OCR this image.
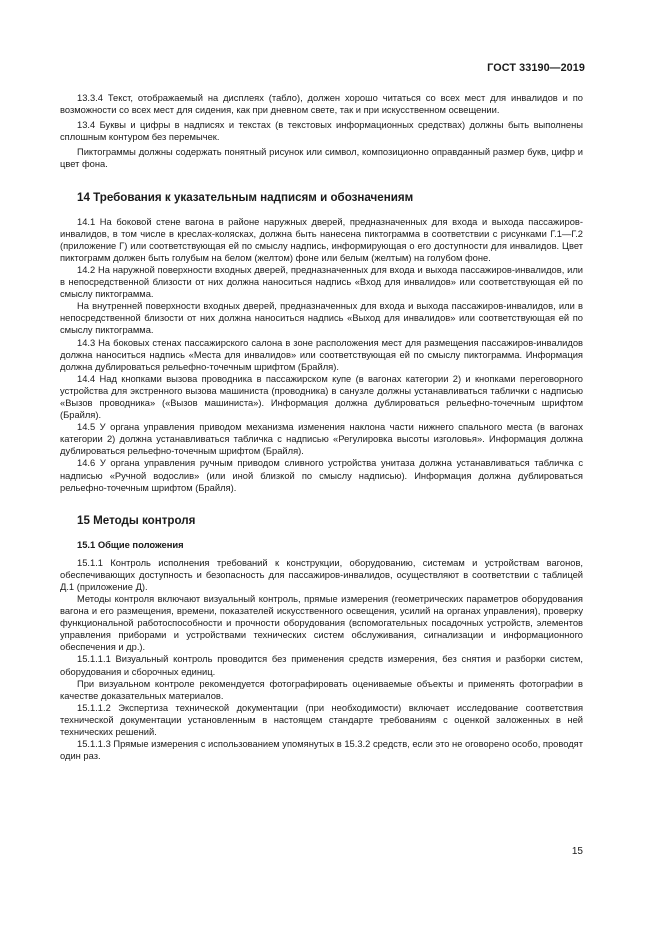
ГОСТ 33190—2019

13.3.4 Текст, отображаемый на дисплеях (табло), должен хорошо читаться со всех мест для инвалидов и по возможности со всех мест для сидения, как при дневном свете, так и при искусственном освещении.

13.4 Буквы и цифры в надписях и текстах (в текстовых информационных средствах) должны быть выполнены сплошным контуром без перемычек.

Пиктограммы должны содержать понятный рисунок или символ, композиционно оправданный размер букв, цифр и цвет фона.

14 Требования к указательным надписям и обозначениям

14.1 На боковой стене вагона в районе наружных дверей, предназначенных для входа и выхода пассажиров-инвалидов, в том числе в креслах-колясках, должна быть нанесена пиктограмма в соответствии с рисунками Г.1—Г.2 (приложение Г) или соответствующая ей по смыслу надпись, информирующая о его доступности для инвалидов. Цвет пиктограмм должен быть голубым на белом (желтом) фоне или белым (желтым) на голубом фоне.

14.2 На наружной поверхности входных дверей, предназначенных для входа и выхода пассажиров-инвалидов, или в непосредственной близости от них должна наноситься надпись «Вход для инвалидов» или соответствующая ей по смыслу пиктограмма.

На внутренней поверхности входных дверей, предназначенных для входа и выхода пассажиров-инвалидов, или в непосредственной близости от них должна наноситься надпись «Выход для инвалидов» или соответствующая ей по смыслу пиктограмма.

14.3 На боковых стенах пассажирского салона в зоне расположения мест для размещения пассажиров-инвалидов должна наноситься надпись «Места для инвалидов» или соответствующая ей по смыслу пиктограмма. Информация должна дублироваться рельефно-точечным шрифтом (Брайля).

14.4 Над кнопками вызова проводника в пассажирском купе (в вагонах категории 2) и кнопками переговорного устройства для экстренного вызова машиниста (проводника) в санузле должны устанавливаться таблички с надписью «Вызов проводника» («Вызов машиниста»). Информация должна дублироваться рельефно-точечным шрифтом (Брайля).

14.5 У органа управления приводом механизма изменения наклона части нижнего спального места (в вагонах категории 2) должна устанавливаться табличка с надписью «Регулировка высоты изголовья». Информация должна дублироваться рельефно-точечным шрифтом (Брайля).

14.6 У органа управления ручным приводом сливного устройства унитаза должна устанавливаться табличка с надписью «Ручной водослив» (или иной близкой по смыслу надписью). Информация должна дублироваться рельефно-точечным шрифтом (Брайля).

15 Методы контроля
15.1 Общие положения

15.1.1 Контроль исполнения требований к конструкции, оборудованию, системам и устройствам вагонов, обеспечивающих доступность и безопасность для пассажиров-инвалидов, осуществляют в соответствии с таблицей Д.1 (приложение Д).

Методы контроля включают визуальный контроль, прямые измерения (геометрических параметров оборудования вагона и его размещения, времени, показателей искусственного освещения, усилий на органах управления), проверку функциональной работоспособности и прочности оборудования (вспомогательных посадочных устройств, элементов управления приборами и устройствами технических систем обслуживания, сигнализации и информационного обеспечения и др.).

15.1.1.1 Визуальный контроль проводится без применения средств измерения, без снятия и разборки систем, оборудования и сборочных единиц.

При визуальном контроле рекомендуется фотографировать оцениваемые объекты и применять фотографии в качестве доказательных материалов.

15.1.1.2 Экспертиза технической документации (при необходимости) включает исследование соответствия технической документации установленным в настоящем стандарте требованиям с оценкой заложенных в ней технических решений.

15.1.1.3 Прямые измерения с использованием упомянутых в 15.3.2 средств, если это не оговорено особо, проводят один раз.

15
